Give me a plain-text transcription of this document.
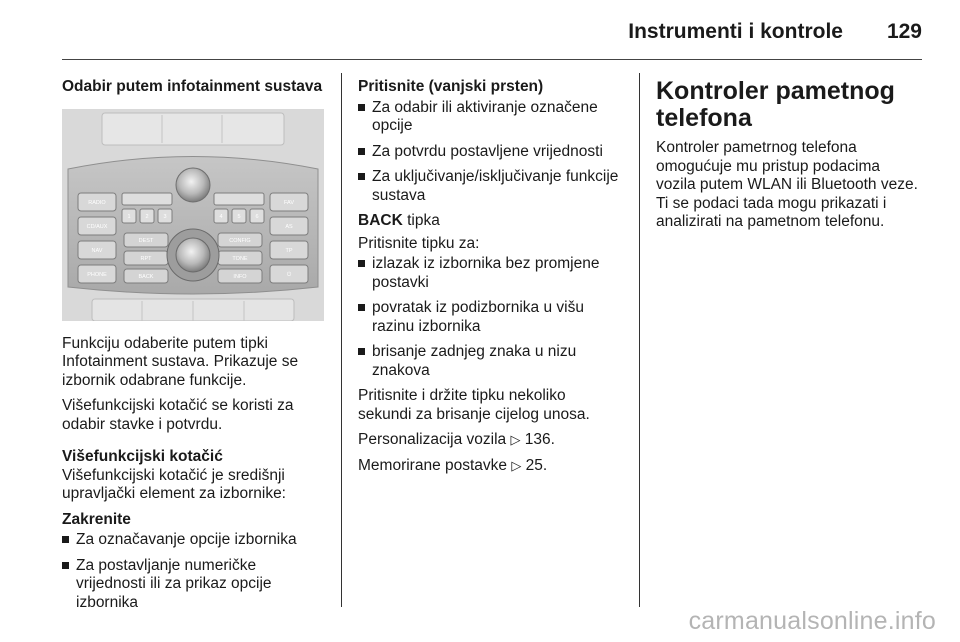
Instrumenti i kontrole 129

Odabir putem infotainment sustava

RADIO
CD/AUX
NAV
PHONE
FAV
AS
TP
⏻
1	2	3	4	5	6
DEST
RPT
BACK
CONFIG
TONE
INFO

Funkciju odaberite putem tipki Infotainment sustava. Prikazuje se izbornik odabrane funkcije.

Višefunkcijski kotačić se koristi za odabir stavke i potvrdu.

Višefunkcijski kotačić

Višefunkcijski kotačić je središnji upravljački element za izbornike:

Zakrenite

Za označavanje opcije izbornika
Za postavljanje numeričke vrijednosti ili za prikaz opcije izbornika

Pritisnite (vanjski prsten)

Za odabir ili aktiviranje označene opcije
Za potvrdu postavljene vrijednosti
Za uključivanje/isključivanje funkcije sustava

BACK tipka

Pritisnite tipku za:

izlazak iz izbornika bez promjene postavki
povratak iz podizbornika u višu razinu izbornika
brisanje zadnjeg znaka u nizu znakova

Pritisnite i držite tipku nekoliko sekundi za brisanje cijelog unosa.

Personalizacija vozila ▷ 136.

Memorirane postavke ▷ 25.

Kontroler pametnog telefona

Kontroler pametrnog telefona omogućuje mu pristup podacima vozila putem WLAN ili Bluetooth veze. Ti se podaci tada mogu prikazati i analizirati na pametnom telefonu.

carmanualsonline.info
